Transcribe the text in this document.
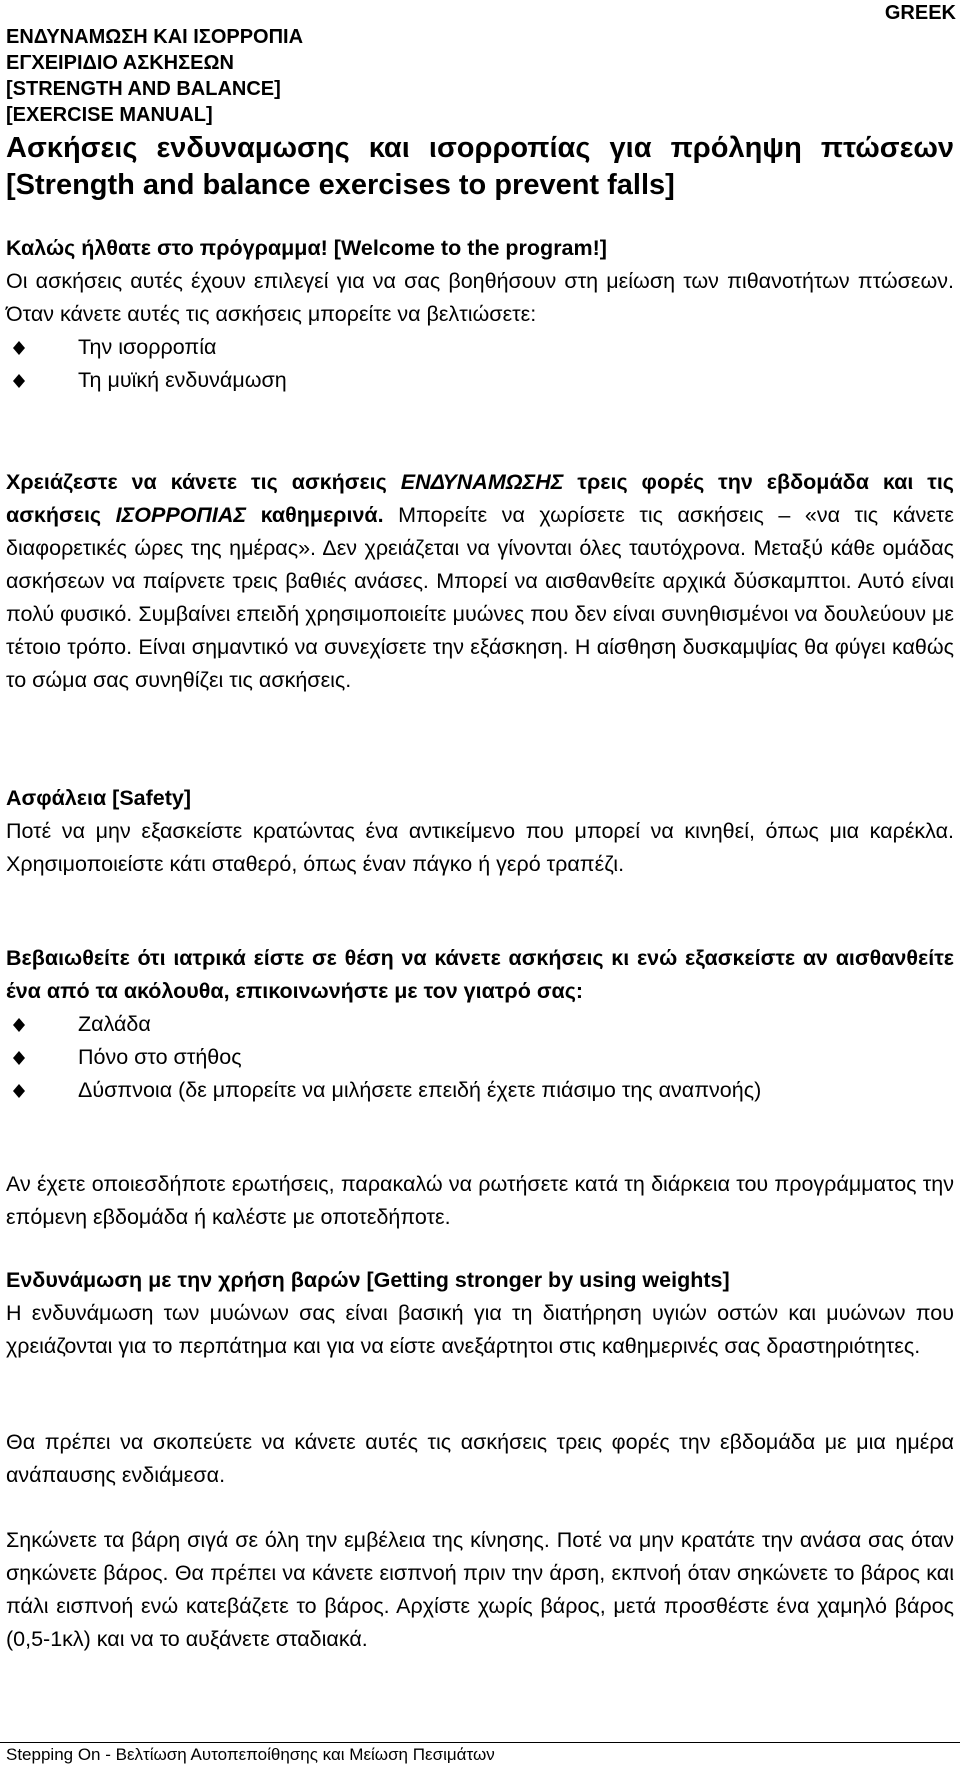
GREEK
ΕΝΔΥΝΑΜΩΣΗ ΚΑΙ ΙΣΟΡΡΟΠΙΑ
ΕΓΧΕΙΡΙΔΙΟ ΑΣΚΗΣΕΩΝ
[STRENGTH AND BALANCE]
[EXERCISE MANUAL]
Ασκήσεις ενδυναμωσης και ισορροπίας για πρόληψη πτώσεων [Strength and balance exercises to prevent falls]

Καλώς ήλθατε στο πρόγραμμα! [Welcome to the program!]

Οι ασκήσεις αυτές έχουν επιλεγεί για να σας βοηθήσουν στη μείωση των πιθανοτήτων πτώσεων. Όταν κάνετε αυτές τις ασκήσεις μπορείτε να βελτιώσετε:

Την ισορροπία
Τη μυϊκή ενδυνάμωση
Χρειάζεστε να κάνετε τις ασκήσεις ΕΝΔΥΝΑΜΩΣΗΣ τρεις φορές την εβδομάδα και τις ασκήσεις ΙΣΟΡΡΟΠΙΑΣ καθημερινά. Μπορείτε να χωρίσετε τις ασκήσεις – «να τις κάνετε διαφορετικές ώρες της ημέρας». Δεν χρειάζεται να γίνονται όλες ταυτόχρονα. Μεταξύ κάθε ομάδας ασκήσεων να παίρνετε τρεις βαθιές ανάσες. Μπορεί να αισθανθείτε αρχικά δύσκαμπτοι. Αυτό είναι πολύ φυσικό. Συμβαίνει επειδή χρησιμοποιείτε μυώνες που δεν είναι συνηθισμένοι να δουλεύουν με τέτοιο τρόπο. Είναι σημαντικό να συνεχίσετε την εξάσκηση. Η αίσθηση δυσκαμψίας θα φύγει καθώς το σώμα σας συνηθίζει τις ασκήσεις.

Ασφάλεια [Safety]

Ποτέ να μην εξασκείστε κρατώντας ένα αντικείμενο που μπορεί να κινηθεί, όπως μια καρέκλα. Χρησιμοποιείστε κάτι σταθερό, όπως έναν πάγκο ή γερό τραπέζι.

Βεβαιωθείτε ότι ιατρικά είστε σε θέση να κάνετε ασκήσεις κι ενώ εξασκείστε αν αισθανθείτε ένα από τα ακόλουθα, επικοινωνήστε με τον γιατρό σας:

Ζαλάδα
Πόνο στο στήθος
Δύσπνοια (δε μπορείτε να μιλήσετε επειδή έχετε πιάσιμο της αναπνοής)
Αν έχετε οποιεσδήποτε ερωτήσεις, παρακαλώ να ρωτήσετε κατά τη διάρκεια του προγράμματος την επόμενη εβδομάδα ή καλέστε με οποτεδήποτε.

Ενδυνάμωση με την χρήση βαρών [Getting stronger by using weights]

Η ενδυνάμωση των μυώνων σας είναι βασική για τη διατήρηση υγιών οστών και μυώνων που χρειάζονται για το περπάτημα και για να είστε ανεξάρτητοι στις καθημερινές σας δραστηριότητες.

Θα πρέπει να σκοπεύετε να κάνετε αυτές τις ασκήσεις τρεις φορές την εβδομάδα με μια ημέρα ανάπαυσης ενδιάμεσα.
Σηκώνετε τα βάρη σιγά σε όλη την εμβέλεια της κίνησης. Ποτέ να μην κρατάτε την ανάσα σας όταν σηκώνετε βάρος. Θα πρέπει να κάνετε εισπνοή πριν την άρση, εκπνοή όταν σηκώνετε το βάρος και πάλι εισπνοή ενώ κατεβάζετε το βάρος. Αρχίστε χωρίς βάρος, μετά προσθέστε ένα χαμηλό βάρος (0,5-1κλ) και να το αυξάνετε σταδιακά.
Stepping On - Βελτίωση Αυτοπεποίθησης και Μείωση Πεσιμάτων
